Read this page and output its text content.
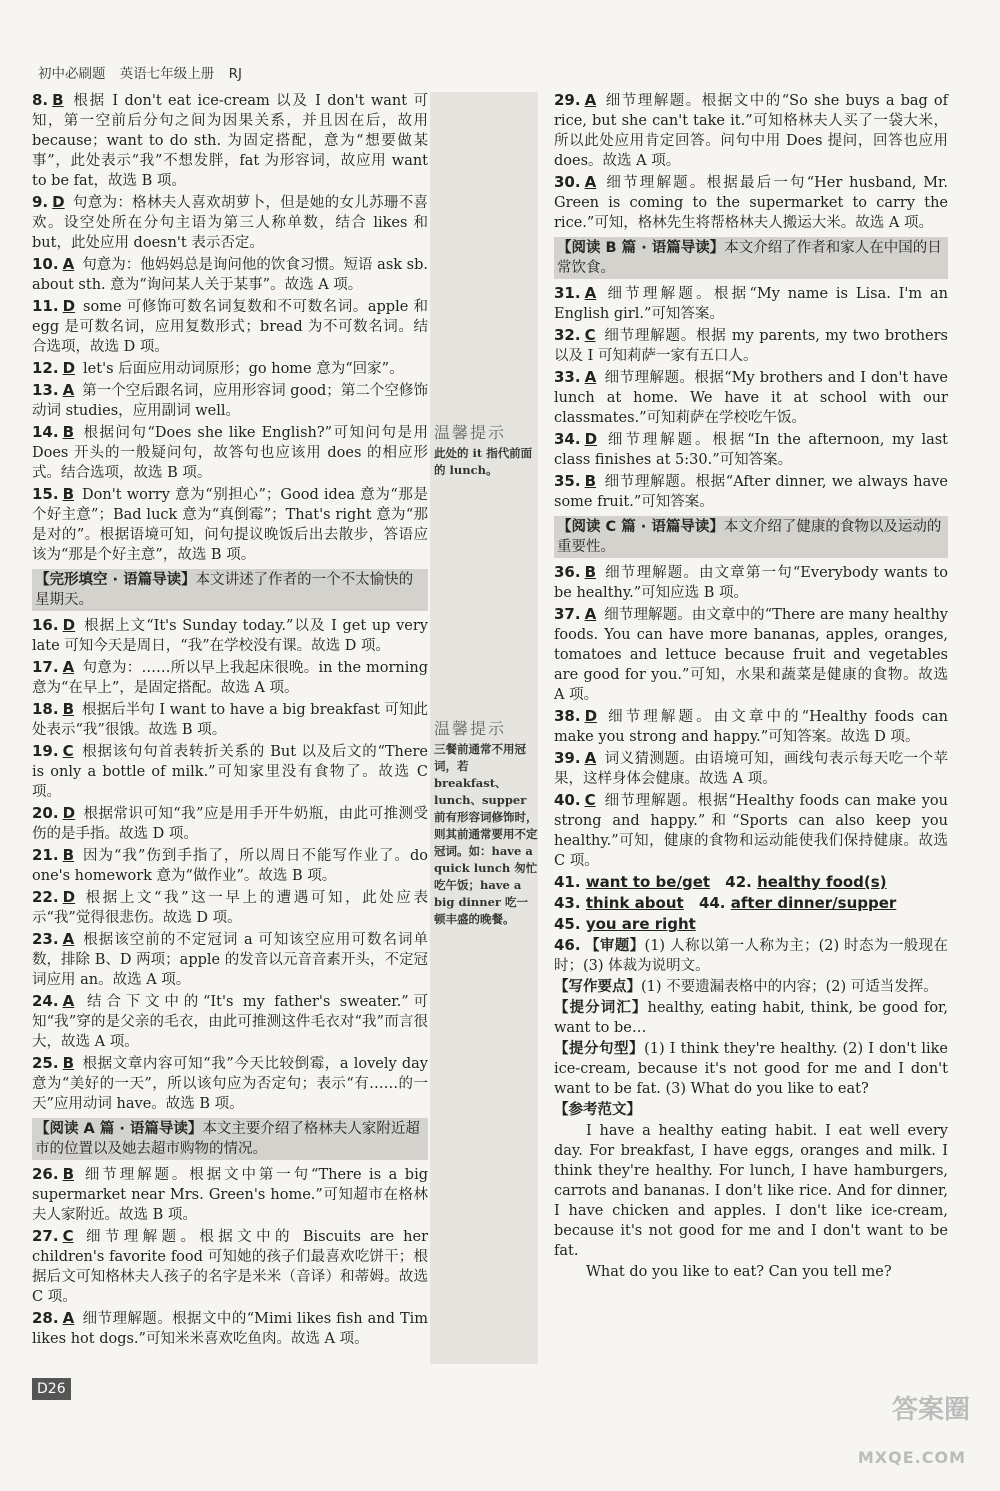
初中必刷题 英语七年级上册 RJ
温馨提示
此处的 it 指代前面的 lunch。
温馨提示
三餐前通常不用冠词，若 breakfast、lunch、supper 前有形容词修饰时，则其前通常要用不定冠词。如：have a quick lunch 匆忙吃午饭；have a big dinner 吃一顿丰盛的晚餐。
8. B 根据 I don't eat ice-cream 以及 I don't want 可知，第一空前后分句之间为因果关系，并且因在后，故用 because；want to do sth. 为固定搭配，意为“想要做某事”，此处表示“我”不想发胖，fat 为形容词，故应用 want to be fat，故选 B 项。
9. D 句意为：格林夫人喜欢胡萝卜，但是她的女儿苏珊不喜欢。设空处所在分句主语为第三人称单数，结合 likes 和 but，此处应用 doesn't 表示否定。
10. A 句意为：他妈妈总是询问他的饮食习惯。短语 ask sb. about sth. 意为“询问某人关于某事”。故选 A 项。
11. D some 可修饰可数名词复数和不可数名词。apple 和 egg 是可数名词，应用复数形式；bread 为不可数名词。结合选项，故选 D 项。
12. D let's 后面应用动词原形；go home 意为“回家”。
13. A 第一个空后跟名词，应用形容词 good；第二个空修饰动词 studies，应用副词 well。
14. B 根据问句“Does she like English?”可知问句是用 Does 开头的一般疑问句，故答句也应该用 does 的相应形式。结合选项，故选 B 项。
15. B Don't worry 意为“别担心”；Good idea 意为“那是个好主意”；Bad luck 意为“真倒霉”；That's right 意为“那是对的”。根据语境可知，问句提议晚饭后出去散步，答语应该为“那是个好主意”，故选 B 项。
【完形填空 · 语篇导读】本文讲述了作者的一个不太愉快的星期天。
16. D 根据上文“It's Sunday today.”以及 I get up very late 可知今天是周日，“我”在学校没有课。故选 D 项。
17. A 句意为：……所以早上我起床很晚。in the morning 意为“在早上”，是固定搭配。故选 A 项。
18. B 根据后半句 I want to have a big breakfast 可知此处表示“我”很饿。故选 B 项。
19. C 根据该句句首表转折关系的 But 以及后文的“There is only a bottle of milk.”可知家里没有食物了。故选 C 项。
20. D 根据常识可知“我”应是用手开牛奶瓶，由此可推测受伤的是手指。故选 D 项。
21. B 因为“我”伤到手指了，所以周日不能写作业了。do one's homework 意为“做作业”。故选 B 项。
22. D 根据上文“我”这一早上的遭遇可知，此处应表示“我”觉得很悲伤。故选 D 项。
23. A 根据该空前的不定冠词 a 可知该空应用可数名词单数，排除 B、D 两项；apple 的发音以元音音素开头，不定冠词应用 an。故选 A 项。
24. A 结合下文中的“It's my father's sweater.”可知“我”穿的是父亲的毛衣，由此可推测这件毛衣对“我”而言很大，故选 A 项。
25. B 根据文章内容可知“我”今天比较倒霉，a lovely day 意为“美好的一天”，所以该句应为否定句；表示“有……的一天”应用动词 have。故选 B 项。
【阅读 A 篇 · 语篇导读】本文主要介绍了格林夫人家附近超市的位置以及她去超市购物的情况。
26. B 细节理解题。根据文中第一句“There is a big supermarket near Mrs. Green's home.”可知超市在格林夫人家附近。故选 B 项。
27. C 细节理解题。根据文中的 Biscuits are her children's favorite food 可知她的孩子们最喜欢吃饼干；根据后文可知格林夫人孩子的名字是米米（音译）和蒂姆。故选 C 项。
28. A 细节理解题。根据文中的“Mimi likes fish and Tim likes hot dogs.”可知米米喜欢吃鱼肉。故选 A 项。
29. A 细节理解题。根据文中的“So she buys a bag of rice, but she can't take it.”可知格林夫人买了一袋大米，所以此处应用肯定回答。问句中用 Does 提问，回答也应用 does。故选 A 项。
30. A 细节理解题。根据最后一句“Her husband, Mr. Green is coming to the supermarket to carry the rice.”可知，格林先生将帮格林夫人搬运大米。故选 A 项。
【阅读 B 篇 · 语篇导读】本文介绍了作者和家人在中国的日常饮食。
31. A 细节理解题。根据“My name is Lisa. I'm an English girl.”可知答案。
32. C 细节理解题。根据 my parents, my two brothers 以及 I 可知莉萨一家有五口人。
33. A 细节理解题。根据“My brothers and I don't have lunch at home. We have it at school with our classmates.”可知莉萨在学校吃午饭。
34. D 细节理解题。根据“In the afternoon, my last class finishes at 5:30.”可知答案。
35. B 细节理解题。根据“After dinner, we always have some fruit.”可知答案。
【阅读 C 篇 · 语篇导读】本文介绍了健康的食物以及运动的重要性。
36. B 细节理解题。由文章第一句“Everybody wants to be healthy.”可知应选 B 项。
37. A 细节理解题。由文章中的“There are many healthy foods. You can have more bananas, apples, oranges, tomatoes and lettuce because fruit and vegetables are good for you.”可知，水果和蔬菜是健康的食物。故选 A 项。
38. D 细节理解题。由文章中的“Healthy foods can make you strong and happy.”可知答案。故选 D 项。
39. A 词义猜测题。由语境可知，画线句表示每天吃一个苹果，这样身体会健康。故选 A 项。
40. C 细节理解题。根据“Healthy foods can make you strong and happy.”和“Sports can also keep you healthy.”可知，健康的食物和运动能使我们保持健康。故选 C 项。
41. want to be/get 42. healthy food(s)
43. think about 44. after dinner/supper
45. you are right
46. 【审题】(1) 人称以第一人称为主；(2) 时态为一般现在时；(3) 体裁为说明文。
【写作要点】(1) 不要遗漏表格中的内容；(2) 可适当发挥。
【提分词汇】healthy, eating habit, think, be good for, want to be…
【提分句型】(1) I think they're healthy. (2) I don't like ice-cream, because it's not good for me and I don't want to be fat. (3) What do you like to eat?
【参考范文】
I have a healthy eating habit. I eat well every day. For breakfast, I have eggs, oranges and milk. I think they're healthy. For lunch, I have hamburgers, carrots and bananas. I don't like rice. And for dinner, I have chicken and apples. I don't like ice-cream, because it's not good for me and I don't want to be fat.
What do you like to eat? Can you tell me?
D26
答案圈
MXQE.COM
